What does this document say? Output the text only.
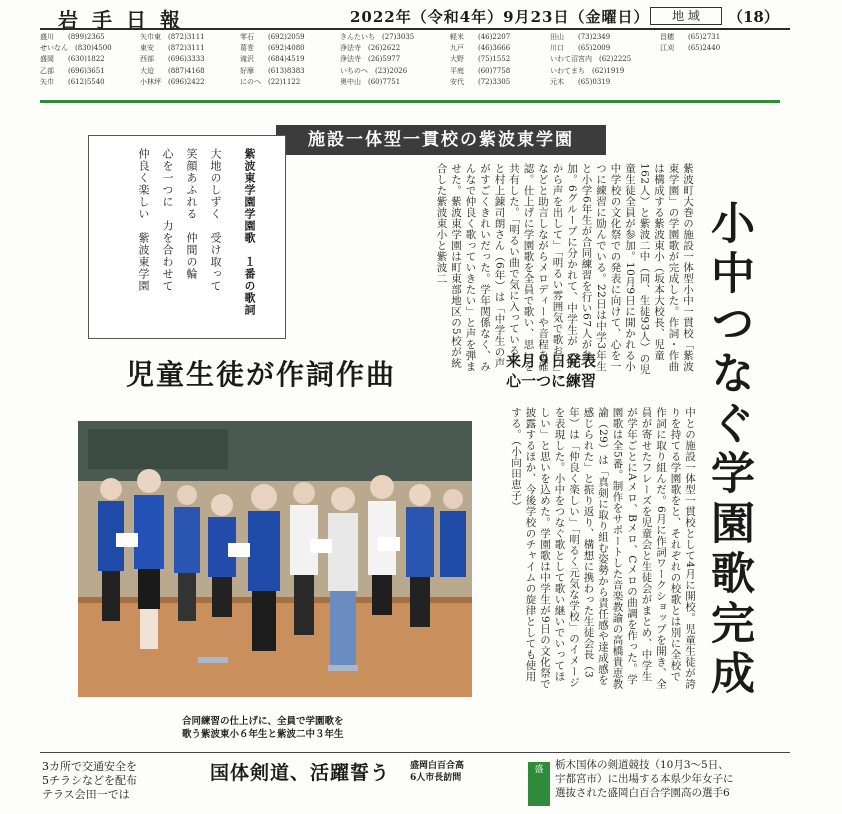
岩手日報	2022年（令和4年）9月23日（金曜日）	地 域	（18）
盛川　　(899)2365
せいなん　(830)4500
盛岡　　(630)1822
乙部　　(696)3651
矢巾　　(612)5540
矢巾東　(872)3111
東安　　(872)3111
西部　　(696)3333
大迫　　(887)4168
小林坪　(696)2422
零石　　(692)2059
葛巻　　(692)4080
滝沢　　(684)4519
好摩　　(613)8383
にのへ　(22)1122
きんたいち　(27)3035
浄法寺　(26)2622
浄法寺　(26)5977
いちのへ　(23)2026
奥中山　(60)7751
軽米　　(46)2207
九戸　　(46)3666
大野　　(75)1552
平庭　　(60)7758
安代　　(72)3305
田山　　(73)2349
川口　　(65)2009
いわて沼宮内　(62)2225
いわてまち　(62)1919
元木　　(65)0319
昌穂　　(65)2731
江刈　　(65)2440
施設一体型一貫校の紫波東学園
小中つなぐ学園歌完成
紫波町大巻の施設一体型小中一貫校「紫波東学園」の学園歌が完成した。作詞・作曲は構成する紫波東小（坂本大校長、児童162人）と紫波二中（同、生徒93人）の児童生徒全員が参加。10月9日に開かれる小中学校の文化祭での発表に向けて、心を一つに練習に励んでいる。22日は中学3年生と小学6年生が合同練習を行い67人が参加。6グループに分かれて、中学生が「腹から声を出して」「明るい雰囲気で歌おう」などと助言しながらメロディーや音程を確認。仕上げに学園歌を全員で歌い、思いを共有した。「明るい曲で気に入っている」と村上錬司朗さん（6年）は「中学生の声がすごくきれいだった。学年関係なく、みんなで仲良く歌っていきたい」と声を弾ませた。紫波東学園は町東部地区の5校が統合した紫波東小と紫波二
紫波東学園学園歌　１番の歌詞
大地のしずく　受け取って
笑顔あふれる　仲間の輪
心を一つに　力を合わせて
仲良く楽しい　紫波東学園
児童生徒が作詞作曲	来月９日発表
心一つに練習
合同練習の仕上げに、全員で学園歌を
歌う紫波東小６年生と紫波二中３年生
中との施設一体型一貫校として4月に開校。児童生徒が誇りを持てる学園歌をと、それぞれの校歌とは別に全校で作詞に取り組んだ。6月に作詞ワークショップを開き、全員が寄せたフレーズを児童会と生徒会がまとめ、中学生が学年ごとにAメロ、Bメロ、Cメロの曲調を作った。学園歌は全5番。制作をサポートした音楽教諭の高橋貴恵教諭（29）は「真剣に取り組む姿勢から責任感や達成感を感じられた」と振り返り、構想に携わった生徒会長（3年）は「仲良く楽しい」「明るく元気な学校」のイメージを表現した。小中をつなぐ歌として歌い継いでいってほしい」と思いを込めた。学園歌は中学生が9日の文化祭で披露するほか、今後学校のチャイムの旋律としても使用する。（小向田恵子）
3カ所で交通安全を
5チラシなどを配布
テラス会田一では
国体剣道、活躍誓う 盛岡白百合高
6人市長訪問
盛	栃木国体の剣道競技（10月3～5日、
宇都宮市）に出場する本県少年女子に
選抜された盛岡白百合学園高の選手6
